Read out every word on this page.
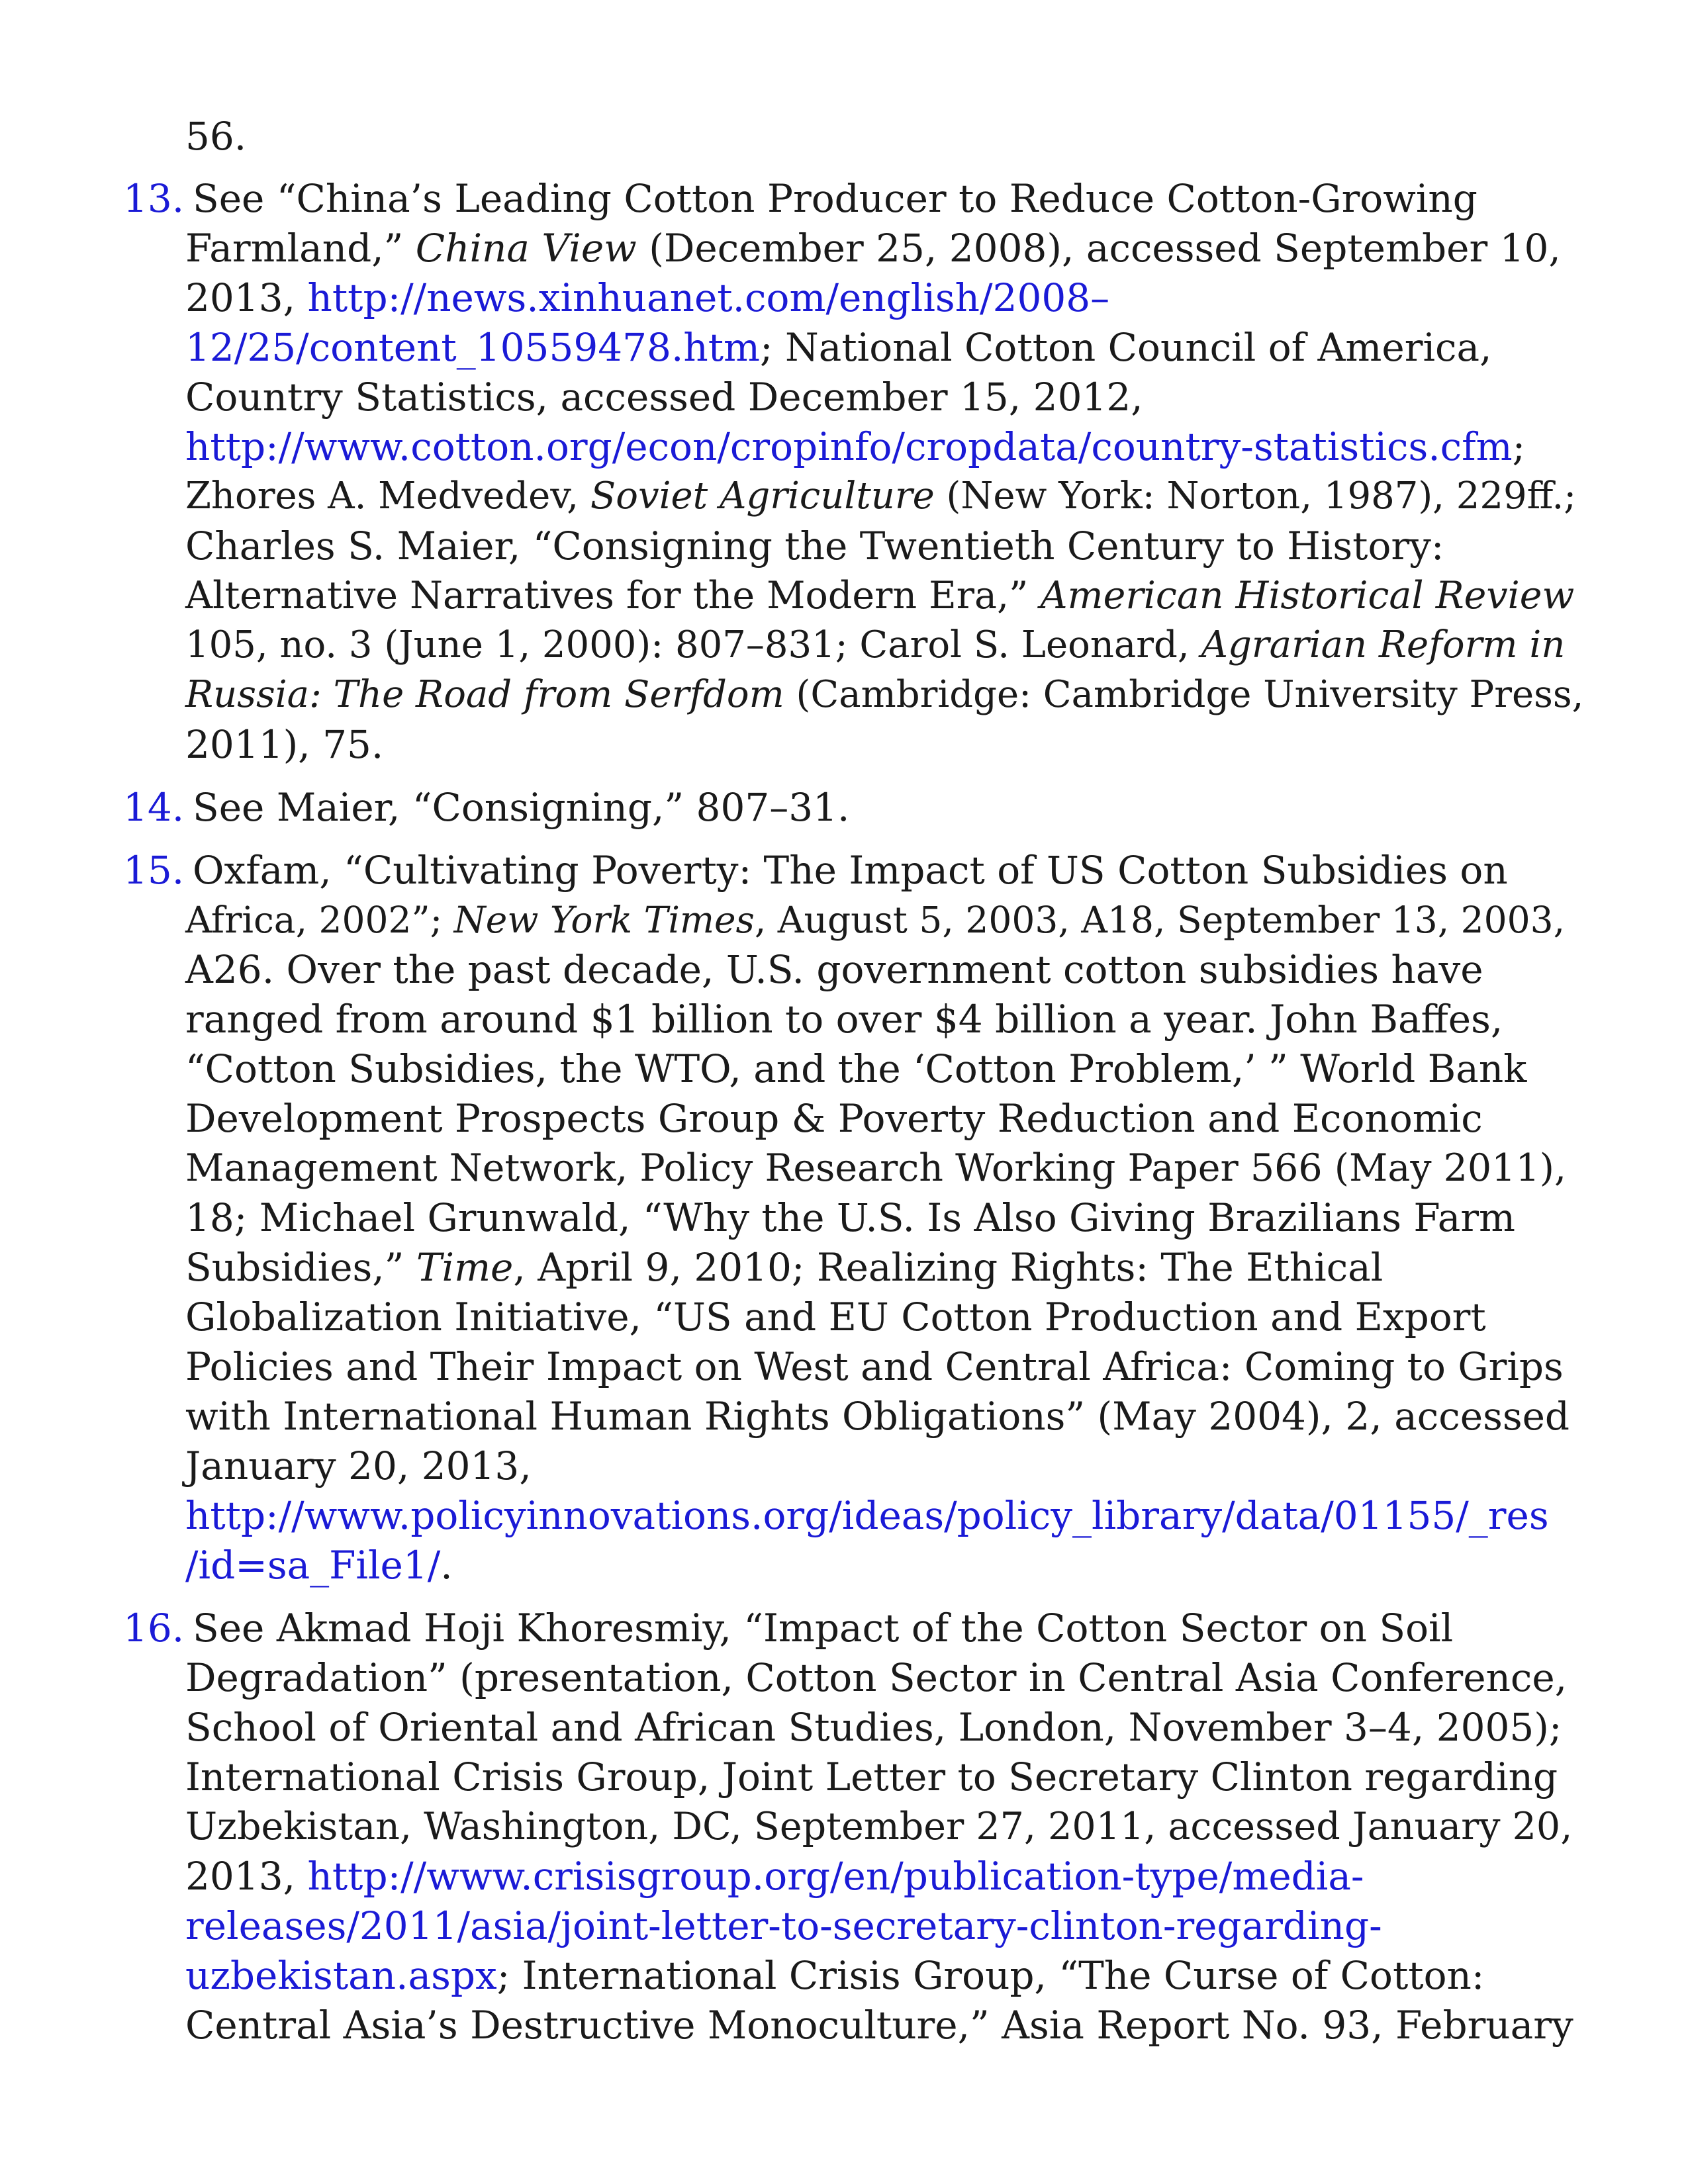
56.
13. See “China’s Leading Cotton Producer to Reduce Cotton-Growing
Farmland,” China View (December 25, 2008), accessed September 10,
2013, http://news.xinhuanet.com/english/2008–
12/25/content_10559478.htm; National Cotton Council of America,
Country Statistics, accessed December 15, 2012,
http://www.cotton.org/econ/cropinfo/cropdata/country-statistics.cfm;
Zhores A. Medvedev, Soviet Agriculture (New York: Norton, 1987), 229ff.;
Charles S. Maier, “Consigning the Twentieth Century to History:
Alternative Narratives for the Modern Era,” American Historical Review
105, no. 3 (June 1, 2000): 807–831; Carol S. Leonard, Agrarian Reform in
Russia: The Road from Serfdom (Cambridge: Cambridge University Press,
2011), 75.
14. See Maier, “Consigning,” 807–31.
15. Oxfam, “Cultivating Poverty: The Impact of US Cotton Subsidies on
Africa, 2002”; New York Times, August 5, 2003, A18, September 13, 2003,
A26. Over the past decade, U.S. government cotton subsidies have
ranged from around $1 billion to over $4 billion a year. John Baffes,
“Cotton Subsidies, the WTO, and the ‘Cotton Problem,’ ” World Bank
Development Prospects Group & Poverty Reduction and Economic
Management Network, Policy Research Working Paper 566 (May 2011),
18; Michael Grunwald, “Why the U.S. Is Also Giving Brazilians Farm
Subsidies,” Time, April 9, 2010; Realizing Rights: The Ethical
Globalization Initiative, “US and EU Cotton Production and Export
Policies and Their Impact on West and Central Africa: Coming to Grips
with International Human Rights Obligations” (May 2004), 2, accessed
January 20, 2013,
http://www.policyinnovations.org/ideas/policy_library/data/01155/_res
/id=sa_File1/.
16. See Akmad Hoji Khoresmiy, “Impact of the Cotton Sector on Soil
Degradation” (presentation, Cotton Sector in Central Asia Conference,
School of Oriental and African Studies, London, November 3–4, 2005);
International Crisis Group, Joint Letter to Secretary Clinton regarding
Uzbekistan, Washington, DC, September 27, 2011, accessed January 20,
2013, http://www.crisisgroup.org/en/publication-type/media-
releases/2011/asia/joint-letter-to-secretary-clinton-regarding-
uzbekistan.aspx; International Crisis Group, “The Curse of Cotton:
Central Asia’s Destructive Monoculture,” Asia Report No. 93, February
